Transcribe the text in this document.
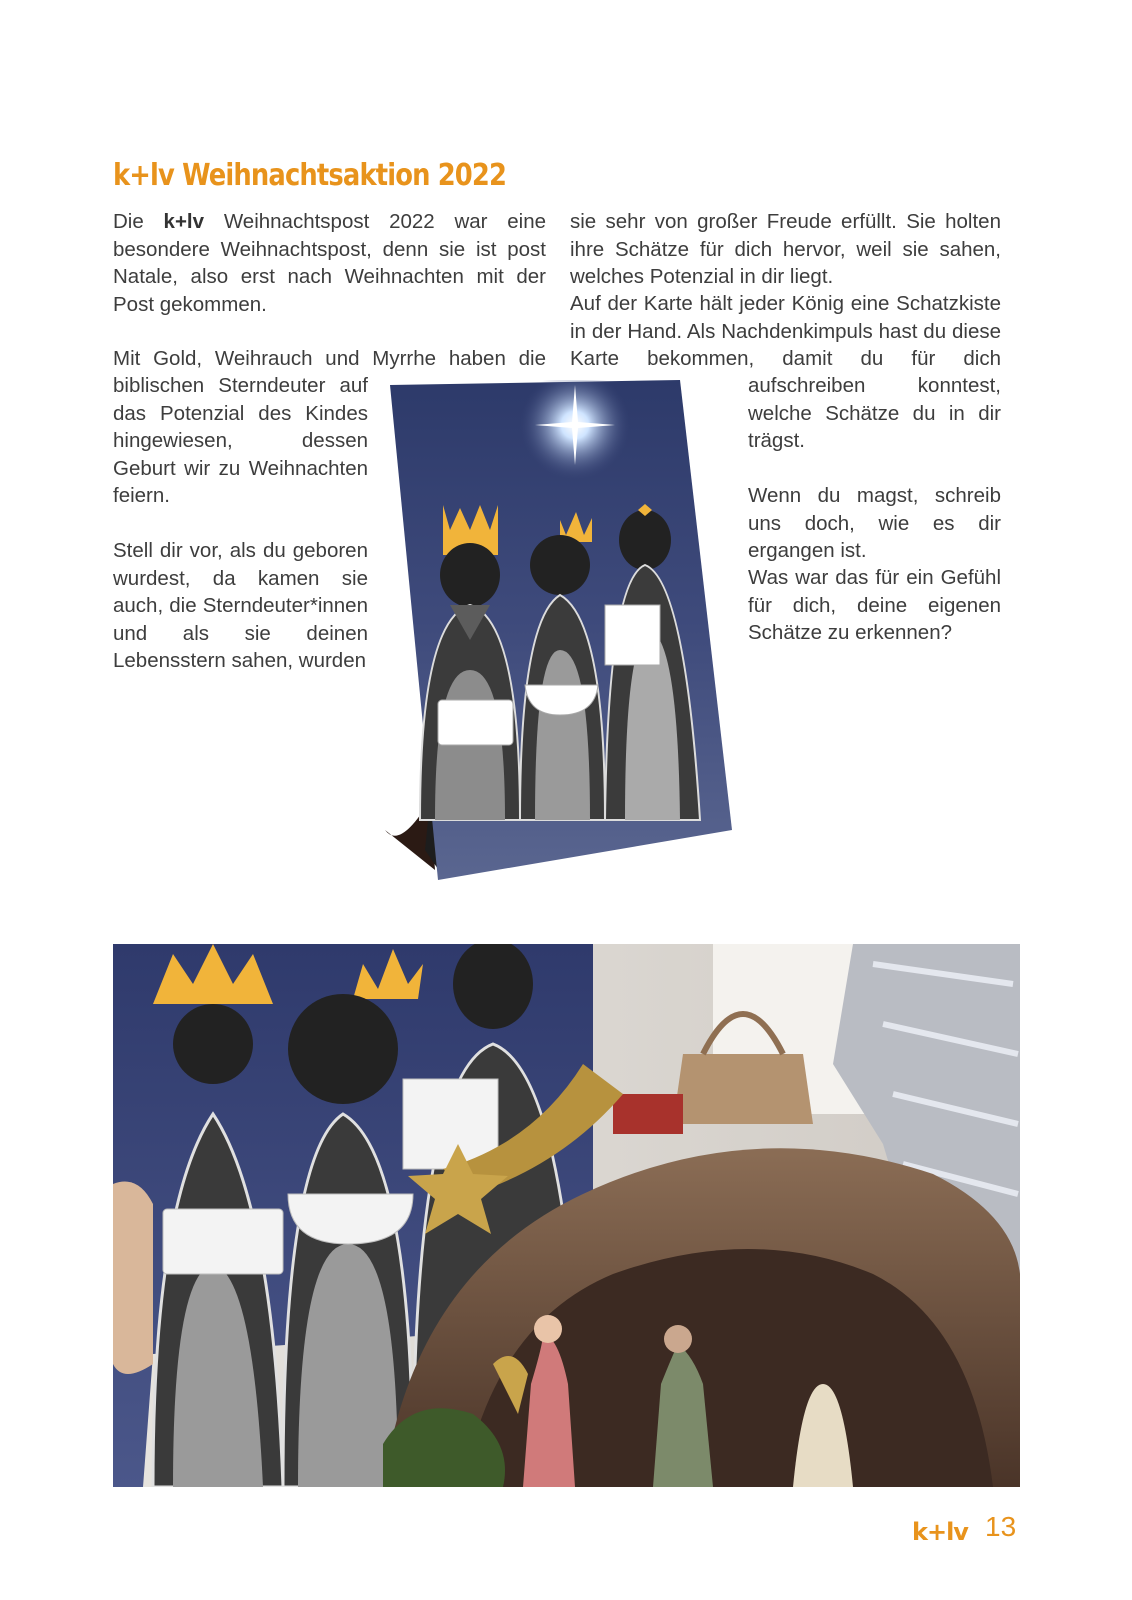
k+lv Weihnachtsaktion 2022

Die k+lv Weihnachtspost 2022 war eine besondere Weihnachtspost, denn sie ist post Natale, also erst nach Weihnachten mit der Post gekommen.

Mit Gold, Weihrauch und Myrrhe haben die

biblischen Sterndeuter auf das Potenzial des Kindes hingewiesen, dessen Geburt wir zu Weihnachten feiern.

Stell dir vor, als du geboren wurdest, da kamen sie auch, die Sterndeuter*innen und als sie deinen Lebensstern sahen, wurden

sie sehr von großer Freude erfüllt. Sie holten ihre Schätze für dich hervor, weil sie sahen, welches Potenzial in dir liegt.

Auf der Karte hält jeder König eine Schatzkiste in der Hand. Als Nachdenkimpuls hast du diese Karte bekommen, damit du für dich

aufschreiben konntest, welche Schätze du in dir trägst.

Wenn du magst, schreib uns doch, wie es dir ergangen ist.

Was war das für ein Gefühl für dich, deine eigenen Schätze zu erkennen?

k+lv 13
